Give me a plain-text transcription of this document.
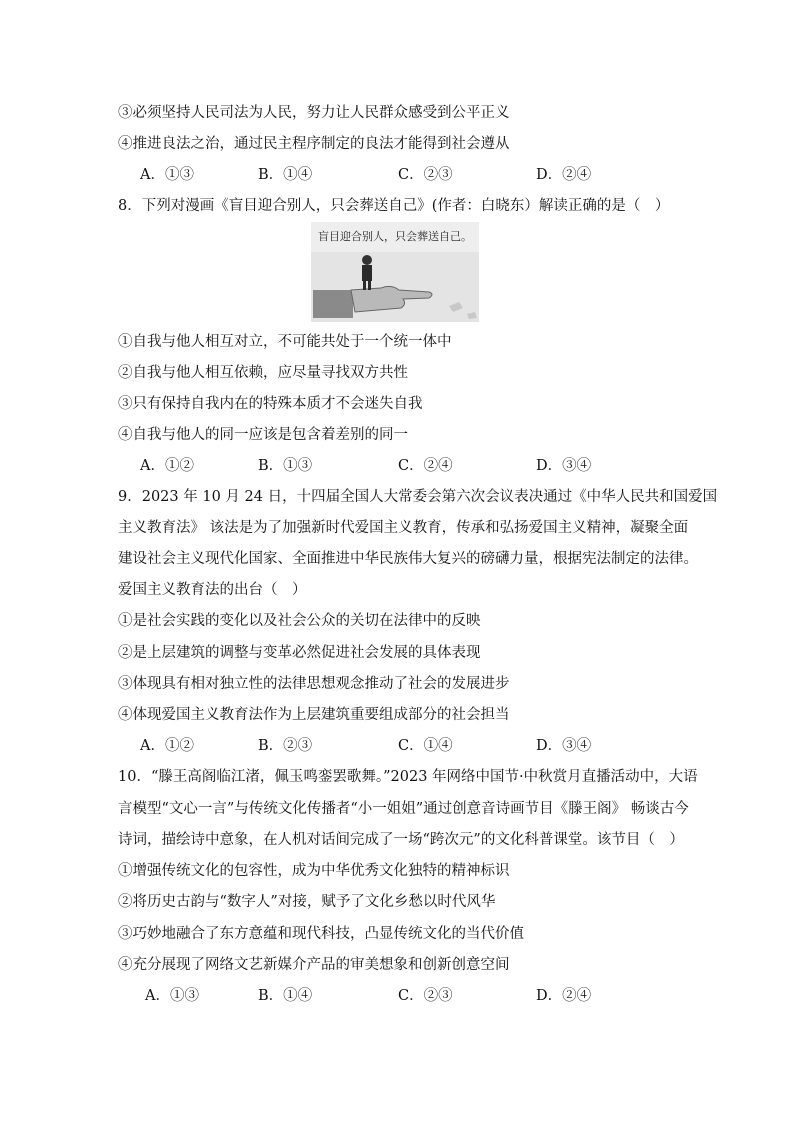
③必须坚持人民司法为人民，努力让人民群众感受到公平正义
④推进良法之治，通过民主程序制定的良法才能得到社会遵从
A．①③	B．①④	C．②③	D．②④
8．下列对漫画《盲目迎合别人，只会葬送自己》(作者：白晓东）解读正确的是（　）
盲目迎合别人，只会葬送自己。
①自我与他人相互对立，不可能共处于一个统一体中
②自我与他人相互依赖，应尽量寻找双方共性
③只有保持自我内在的特殊本质才不会迷失自我
④自我与他人的同一应该是包含着差别的同一
A．①②	B．①③	C．②④	D．③④
9．2023 年 10 月 24 日，十四届全国人大常委会第六次会议表决通过《中华人民共和国爱国
主义教育法》 该法是为了加强新时代爱国主义教育，传承和弘扬爱国主义精神，凝聚全面
建设社会主义现代化国家、全面推进中华民族伟大复兴的磅礴力量，根据宪法制定的法律。
爱国主义教育法的出台（　）
①是社会实践的变化以及社会公众的关切在法律中的反映
②是上层建筑的调整与变革必然促进社会发展的具体表现
③体现具有相对独立性的法律思想观念推动了社会的发展进步
④体现爱国主义教育法作为上层建筑重要组成部分的社会担当
A．①②	B．②③	C．①④	D．③④
10．“滕王高阁临江渚，佩玉鸣銮罢歌舞。”2023 年网络中国节·中秋赏月直播活动中，大语
言模型“文心一言”与传统文化传播者“小一姐姐”通过创意音诗画节目《滕王阁》 畅谈古今
诗词，描绘诗中意象，在人机对话间完成了一场“跨次元”的文化科普课堂。该节目（　）
①增强传统文化的包容性，成为中华优秀文化独特的精神标识
②将历史古韵与“数字人”对接，赋予了文化乡愁以时代风华
③巧妙地融合了东方意蕴和现代科技，凸显传统文化的当代价值
④充分展现了网络文艺新媒介产品的审美想象和创新创意空间
A．①③	B．①④	C．②③	D．②④
